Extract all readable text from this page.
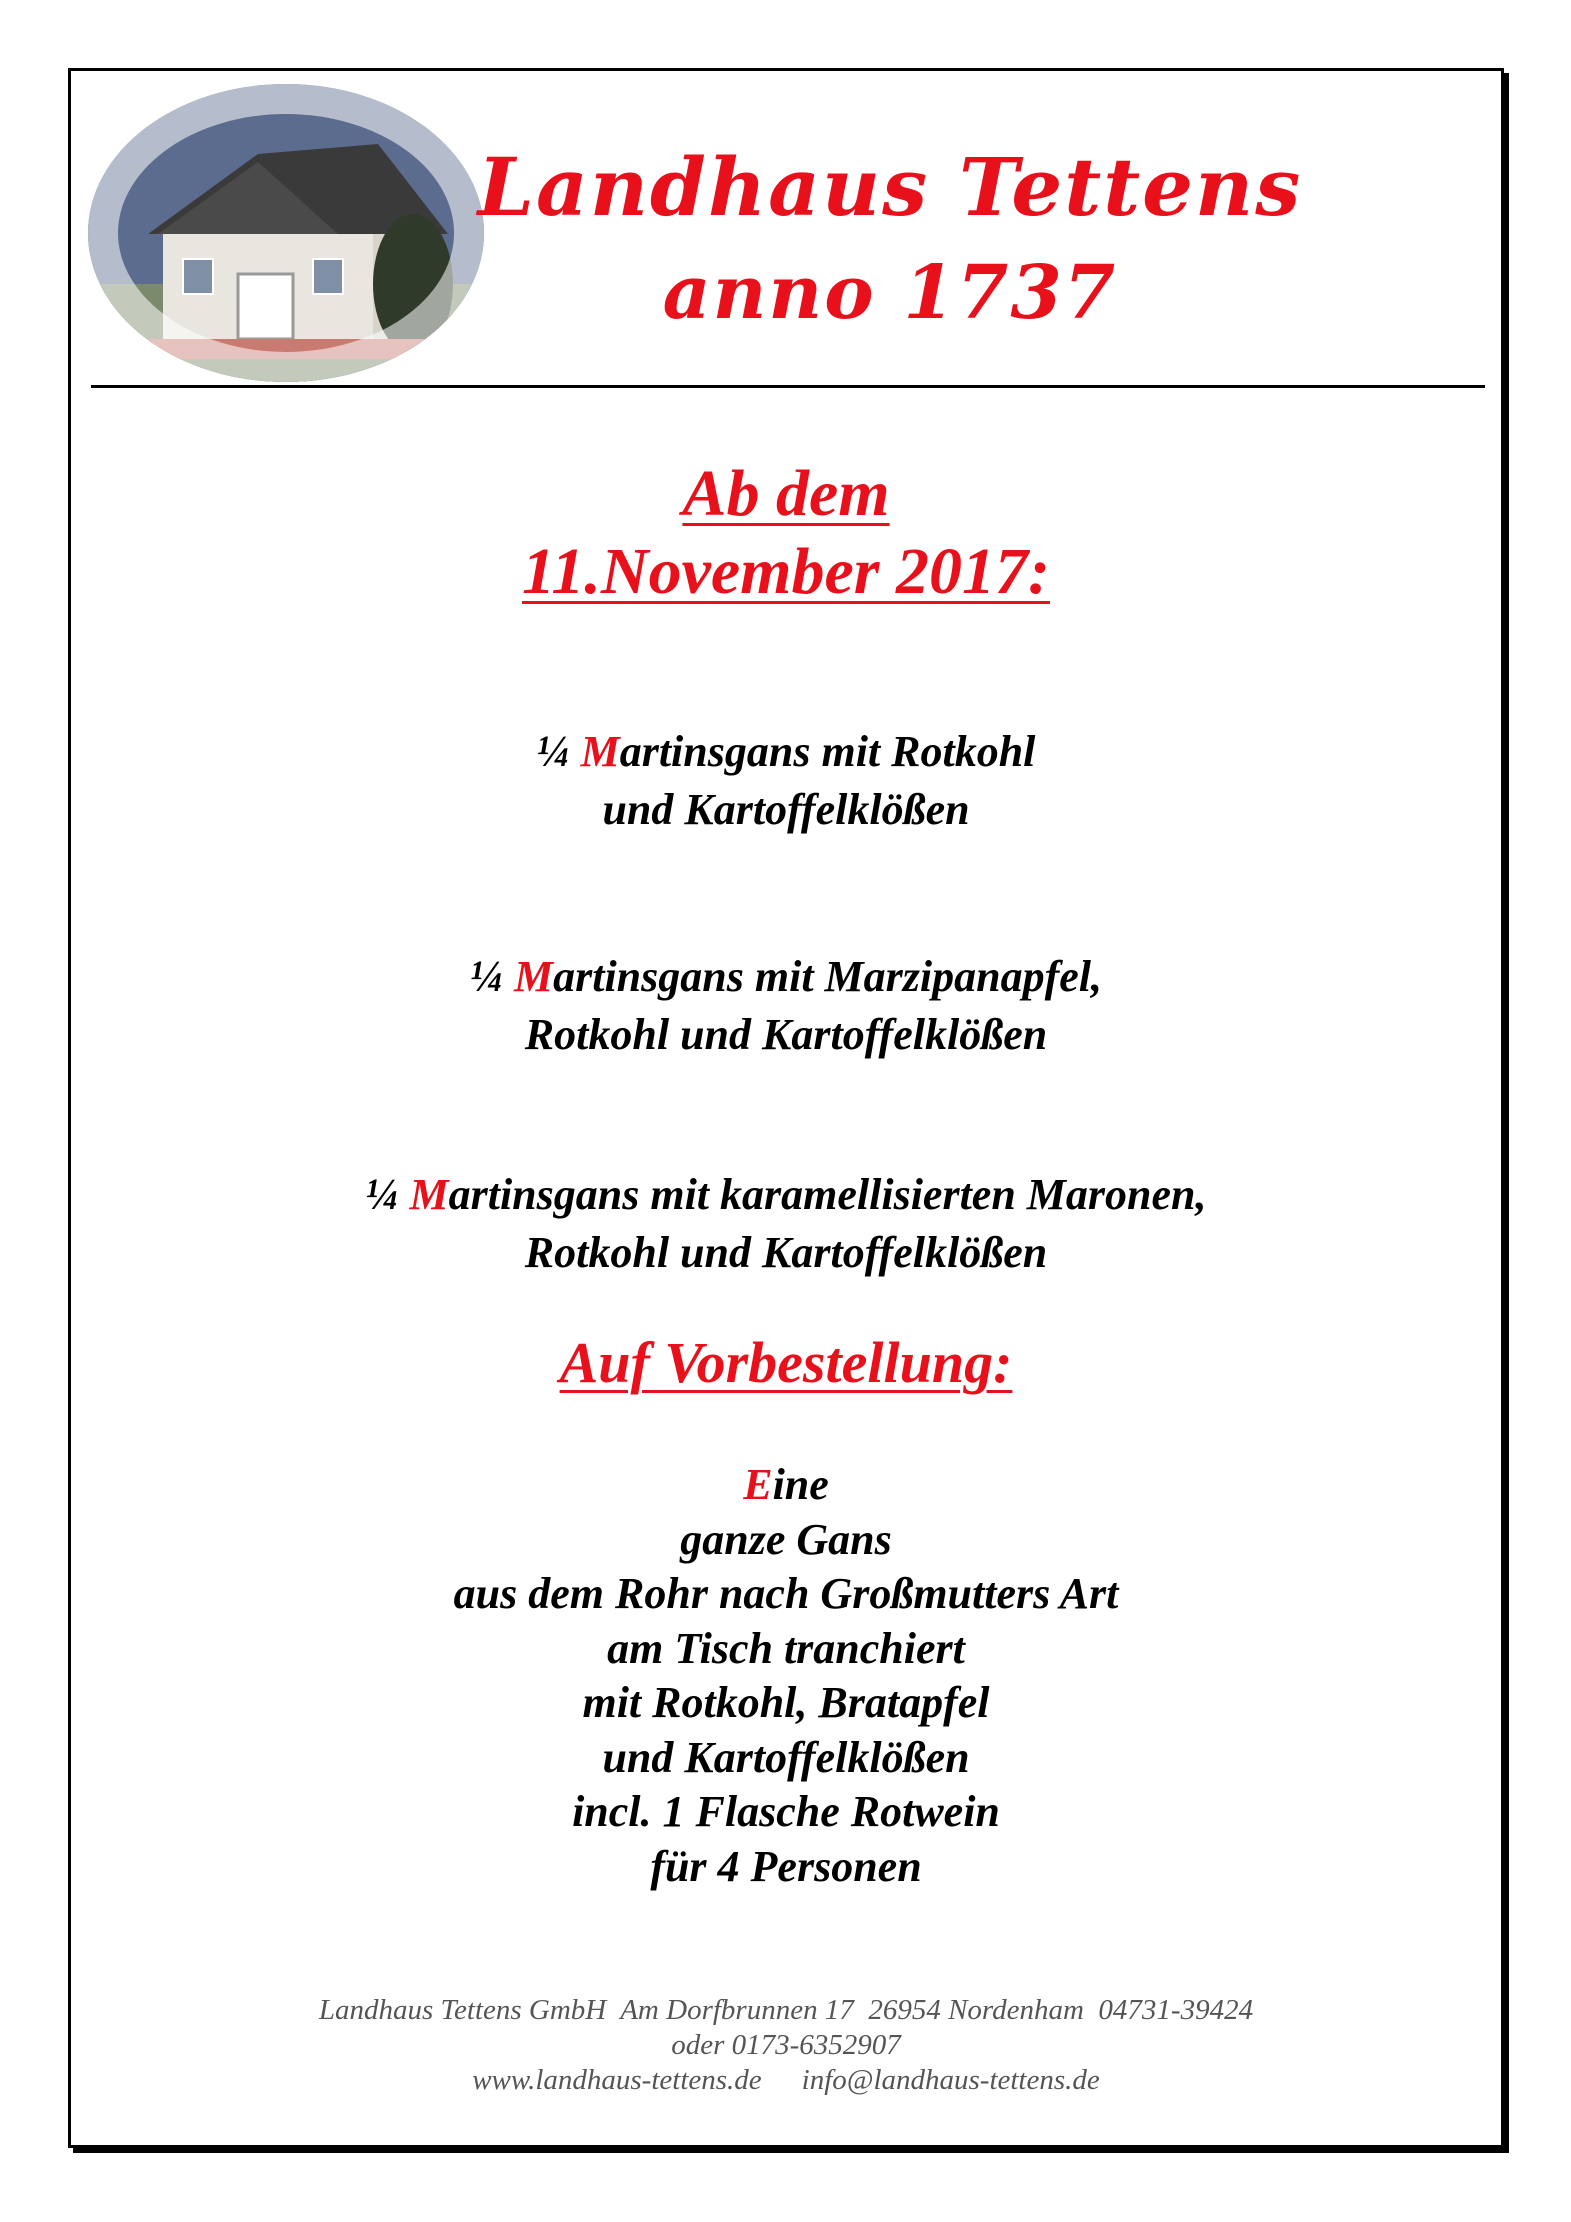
Landhaus Tettens
anno 1737
Ab dem
11.November 2017:
¼ Martinsgans mit Rotkohl
und Kartoffelklößen
¼ Martinsgans mit Marzipanapfel,
Rotkohl und Kartoffelklößen
¼ Martinsgans mit karamellisierten Maronen,
Rotkohl und Kartoffelklößen
Auf Vorbestellung:
Eine
ganze Gans
aus dem Rohr nach Großmutters Art
am Tisch tranchiert
mit Rotkohl, Bratapfel
und Kartoffelklößen
incl. 1 Flasche Rotwein
für 4 Personen
Landhaus Tettens GmbH  Am Dorfbrunnen 17  26954 Nordenham  04731-39424
oder 0173-6352907
www.landhaus-tettens.de info@landhaus-tettens.de
